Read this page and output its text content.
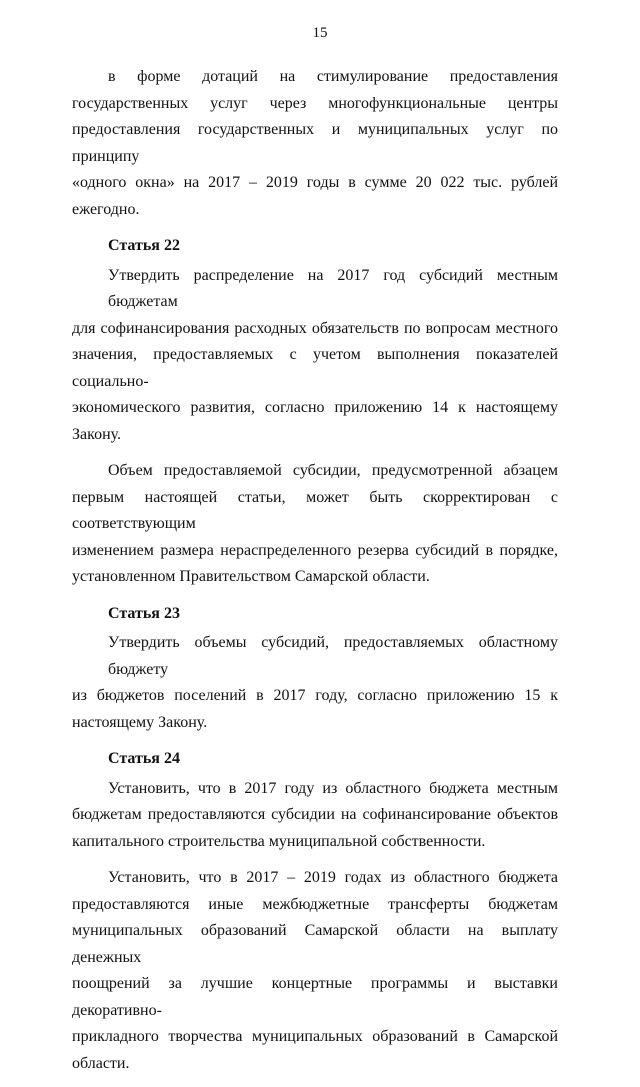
15
в форме дотаций на стимулирование предоставления
государственных услуг через многофункциональные центры
предоставления государственных и муниципальных услуг по принципу
«одного окна» на 2017 – 2019 годы в сумме 20 022 тыс. рублей ежегодно.
Статья 22
Утвердить распределение на 2017 год субсидий местным бюджетам
для софинансирования расходных обязательств по вопросам местного
значения, предоставляемых с учетом выполнения показателей социально-
экономического развития, согласно приложению 14 к настоящему Закону.
Объем предоставляемой субсидии, предусмотренной абзацем
первым настоящей статьи, может быть скорректирован с соответствующим
изменением размера нераспределенного резерва субсидий в порядке,
установленном Правительством Самарской области.
Статья 23
Утвердить объемы субсидий, предоставляемых областному бюджету
из бюджетов поселений в 2017 году, согласно приложению 15 к
настоящему Закону.
Статья 24
Установить, что в 2017 году из областного бюджета местным
бюджетам предоставляются субсидии на софинансирование объектов
капитального строительства муниципальной собственности.
Установить, что в 2017 – 2019 годах из областного бюджета
предоставляются иные межбюджетные трансферты бюджетам
муниципальных образований Самарской области на выплату денежных
поощрений за лучшие концертные программы и выставки декоративно-
прикладного творчества муниципальных образований в Самарской
области.
